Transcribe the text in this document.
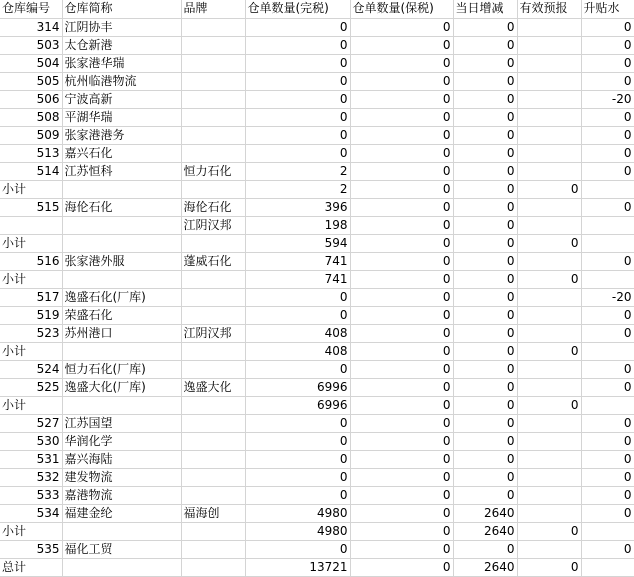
仓库编号	仓库简称	品牌	仓单数量(完税)	仓单数量(保税)	当日增减	有效预报	升贴水
314	江阴协丰		0	0	0		0
503	太仓新港		0	0	0		0
504	张家港华瑞		0	0	0		0
505	杭州临港物流		0	0	0		0
506	宁波高新		0	0	0		-20
508	平湖华瑞		0	0	0		0
509	张家港港务		0	0	0		0
513	嘉兴石化		0	0	0		0
514	江苏恒科	恒力石化	2	0	0		0
小计			2	0	0	0	
515	海伦石化	海伦石化	396	0	0		0
		江阴汉邦	198	0	0		
小计			594	0	0	0	
516	张家港外服	蓬威石化	741	0	0		0
小计			741	0	0	0	
517	逸盛石化(厂库)		0	0	0		-20
519	荣盛石化		0	0	0		0
523	苏州港口	江阴汉邦	408	0	0		0
小计			408	0	0	0	
524	恒力石化(厂库)		0	0	0		0
525	逸盛大化(厂库)	逸盛大化	6996	0	0		0
小计			6996	0	0	0	
527	江苏国望		0	0	0		0
530	华润化学		0	0	0		0
531	嘉兴海陆		0	0	0		0
532	建发物流		0	0	0		0
533	嘉港物流		0	0	0		0
534	福建金纶	福海创	4980	0	2640		0
小计			4980	0	2640	0	
535	福化工贸		0	0	0		0
总计			13721	0	2640	0	
